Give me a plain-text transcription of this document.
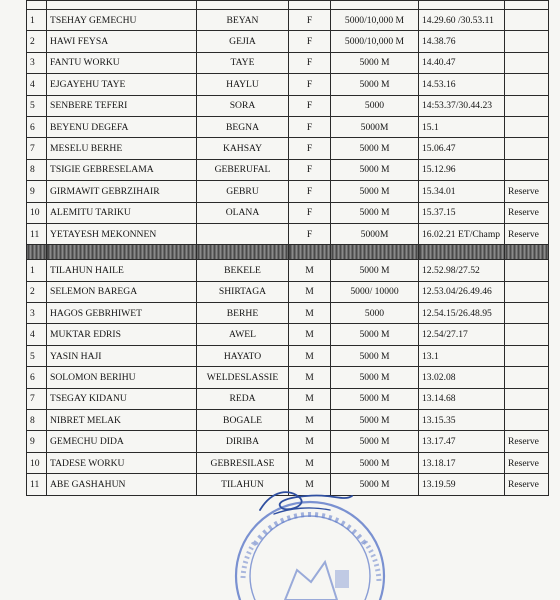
1	TSEHAY GEMECHU	BEYAN	F	5000/10,000 M	14.29.60 /30.53.11	
2	HAWI FEYSA	GEJIA	F	5000/10,000 M	14.38.76	
3	FANTU WORKU	TAYE	F	5000 M	14.40.47	
4	EJGAYEHU TAYE	HAYLU	F	5000 M	14.53.16	
5	SENBERE TEFERI	SORA	F	5000	14:53.37/30.44.23	
6	BEYENU DEGEFA	BEGNA	F	5000M	15.1	
7	MESELU BERHE	KAHSAY	F	5000 M	15.06.47	
8	TSIGIE GEBRESELAMA	GEBERUFAL	F	5000 M	15.12.96	
9	GIRMAWIT GEBRZIHAIR	GEBRU	F	5000 M	15.34.01	Reserve
10	ALEMITU TARIKU	OLANA	F	5000 M	15.37.15	Reserve
11	YETAYESH MEKONNEN		F	5000M	16.02.21 ET/Champ	Reserve

1	TILAHUN HAILE	BEKELE	M	5000 M	12.52.98/27.52	
2	SELEMON BAREGA	SHIRTAGA	M	5000/ 10000	12.53.04/26.49.46	
3	HAGOS GEBRHIWET	BERHE	M	5000	12.54.15/26.48.95	
4	MUKTAR EDRIS	AWEL	M	5000 M	12.54/27.17	
5	YASIN HAJI	HAYATO	M	5000 M	13.1	
6	SOLOMON BERIHU	WELDESLASSIE	M	5000 M	13.02.08	
7	TSEGAY KIDANU	REDA	M	5000 M	13.14.68	
8	NIBRET MELAK	BOGALE	M	5000 M	13.15.35	
9	GEMECHU DIDA	DIRIBA	M	5000 M	13.17.47	Reserve
10	TADESE WORKU	GEBRESILASE	M	5000 M	13.18.17	Reserve
11	ABE GASHAHUN	TILAHUN	M	5000 M	13.19.59	Reserve
